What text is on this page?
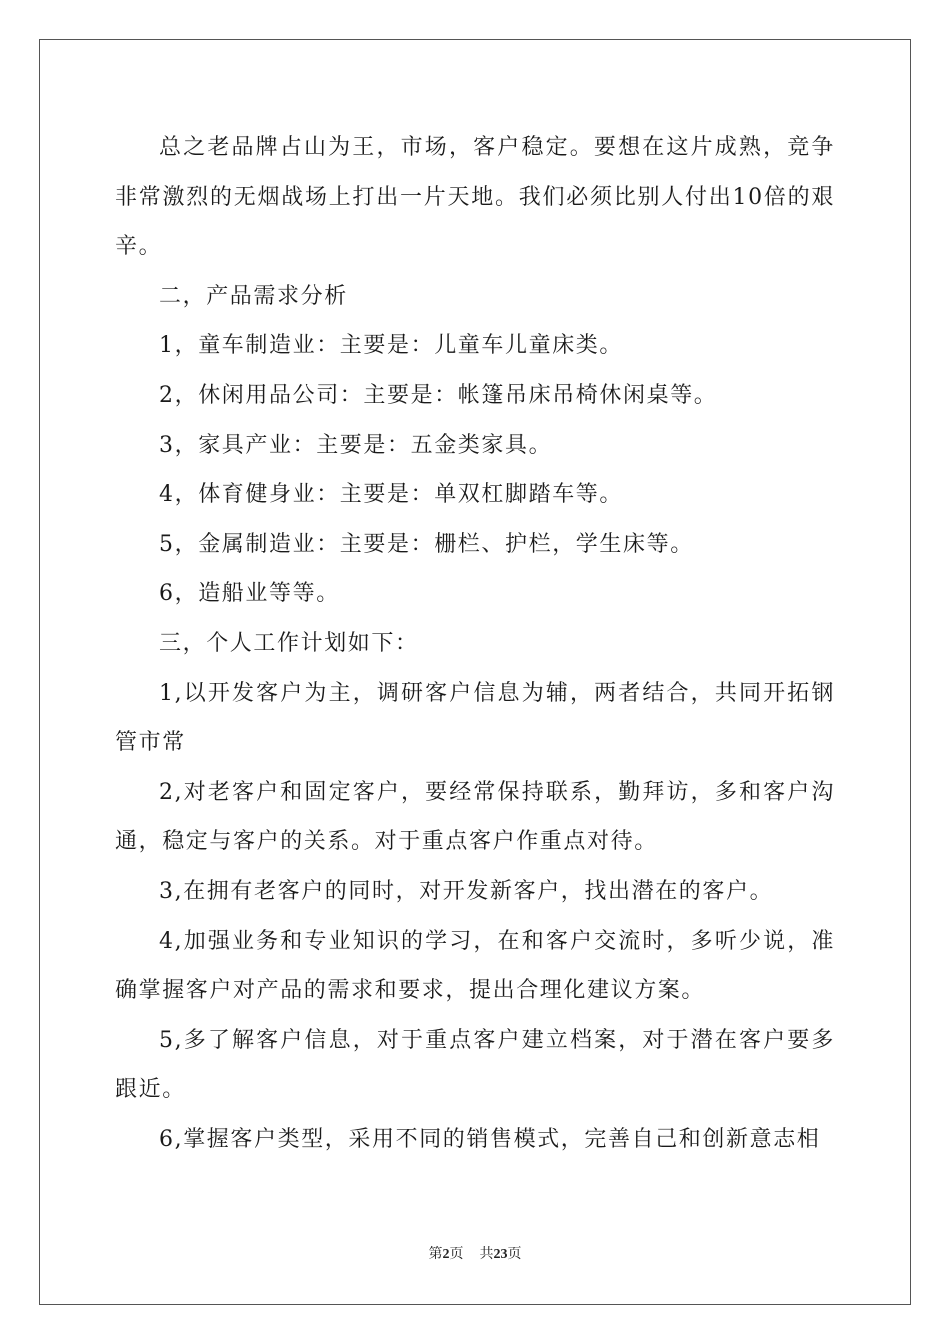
总之老品牌占山为王，市场，客户稳定。要想在这片成熟，竞争非常激烈的无烟战场上打出一片天地。我们必须比别人付出10倍的艰辛。

二，产品需求分析

1，童车制造业：主要是：儿童车儿童床类。

2，休闲用品公司：主要是：帐篷吊床吊椅休闲桌等。

3，家具产业：主要是：五金类家具。

4，体育健身业：主要是：单双杠脚踏车等。

5，金属制造业：主要是：栅栏、护栏，学生床等。

6，造船业等等。

三，个人工作计划如下：

1,以开发客户为主，调研客户信息为辅，两者结合，共同开拓钢管市常

2,对老客户和固定客户，要经常保持联系，勤拜访，多和客户沟通，稳定与客户的关系。对于重点客户作重点对待。

3,在拥有老客户的同时，对开发新客户，找出潜在的客户。

4,加强业务和专业知识的学习，在和客户交流时，多听少说，准确掌握客户对产品的需求和要求，提出合理化建议方案。

5,多了解客户信息，对于重点客户建立档案，对于潜在客户要多跟近。

6,掌握客户类型，采用不同的销售模式，完善自己和创新意志相

第2页 共23页
